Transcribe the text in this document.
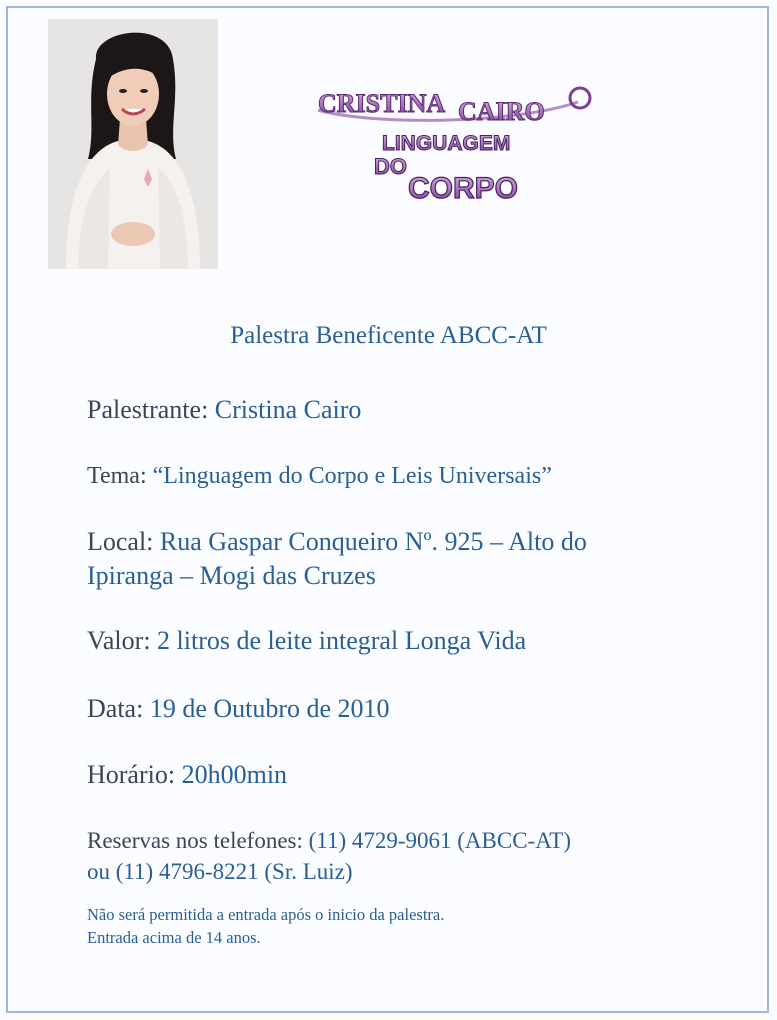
CRISTINA CAIRO
LINGUAGEM
DO
CORPO
Palestra Beneficente ABCC-AT
Palestrante: Cristina Cairo
Tema: “Linguagem do Corpo e Leis Universais”
Local: Rua Gaspar Conqueiro Nº. 925 – Alto do
Ipiranga – Mogi das Cruzes
Valor: 2 litros de leite integral Longa Vida
Data: 19 de Outubro de 2010
Horário: 20h00min
Reservas nos telefones: (11) 4729-9061 (ABCC-AT)
ou (11) 4796-8221 (Sr. Luiz)
Não será permitida a entrada após o inicio da palestra.
Entrada acima de 14 anos.
